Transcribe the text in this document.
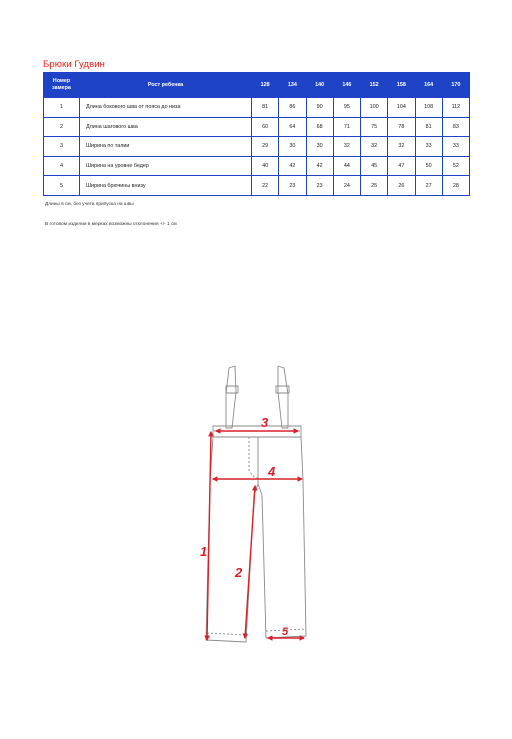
Брюки Гудвин
Номер
замера	Рост ребенка	128	134	140	146	152	158	164	170
1	Длина бокового шва от пояса до низа	81	86	90	95	100	104	108	112
2	Длина шагового шва	60	64	68	71	75	78	81	83
3	Ширина по талии	29	30	30	32	32	32	33	33
4	Ширина на уровне бедер	40	42	42	44	45	47	50	52
5	Ширина брючины внизу	22	23	23	24	25	26	27	28

Длины в см, без учета припуска на швы

В готовом изделии в мерках возможны отклонения +/- 1 см

3
4
1
2
5
